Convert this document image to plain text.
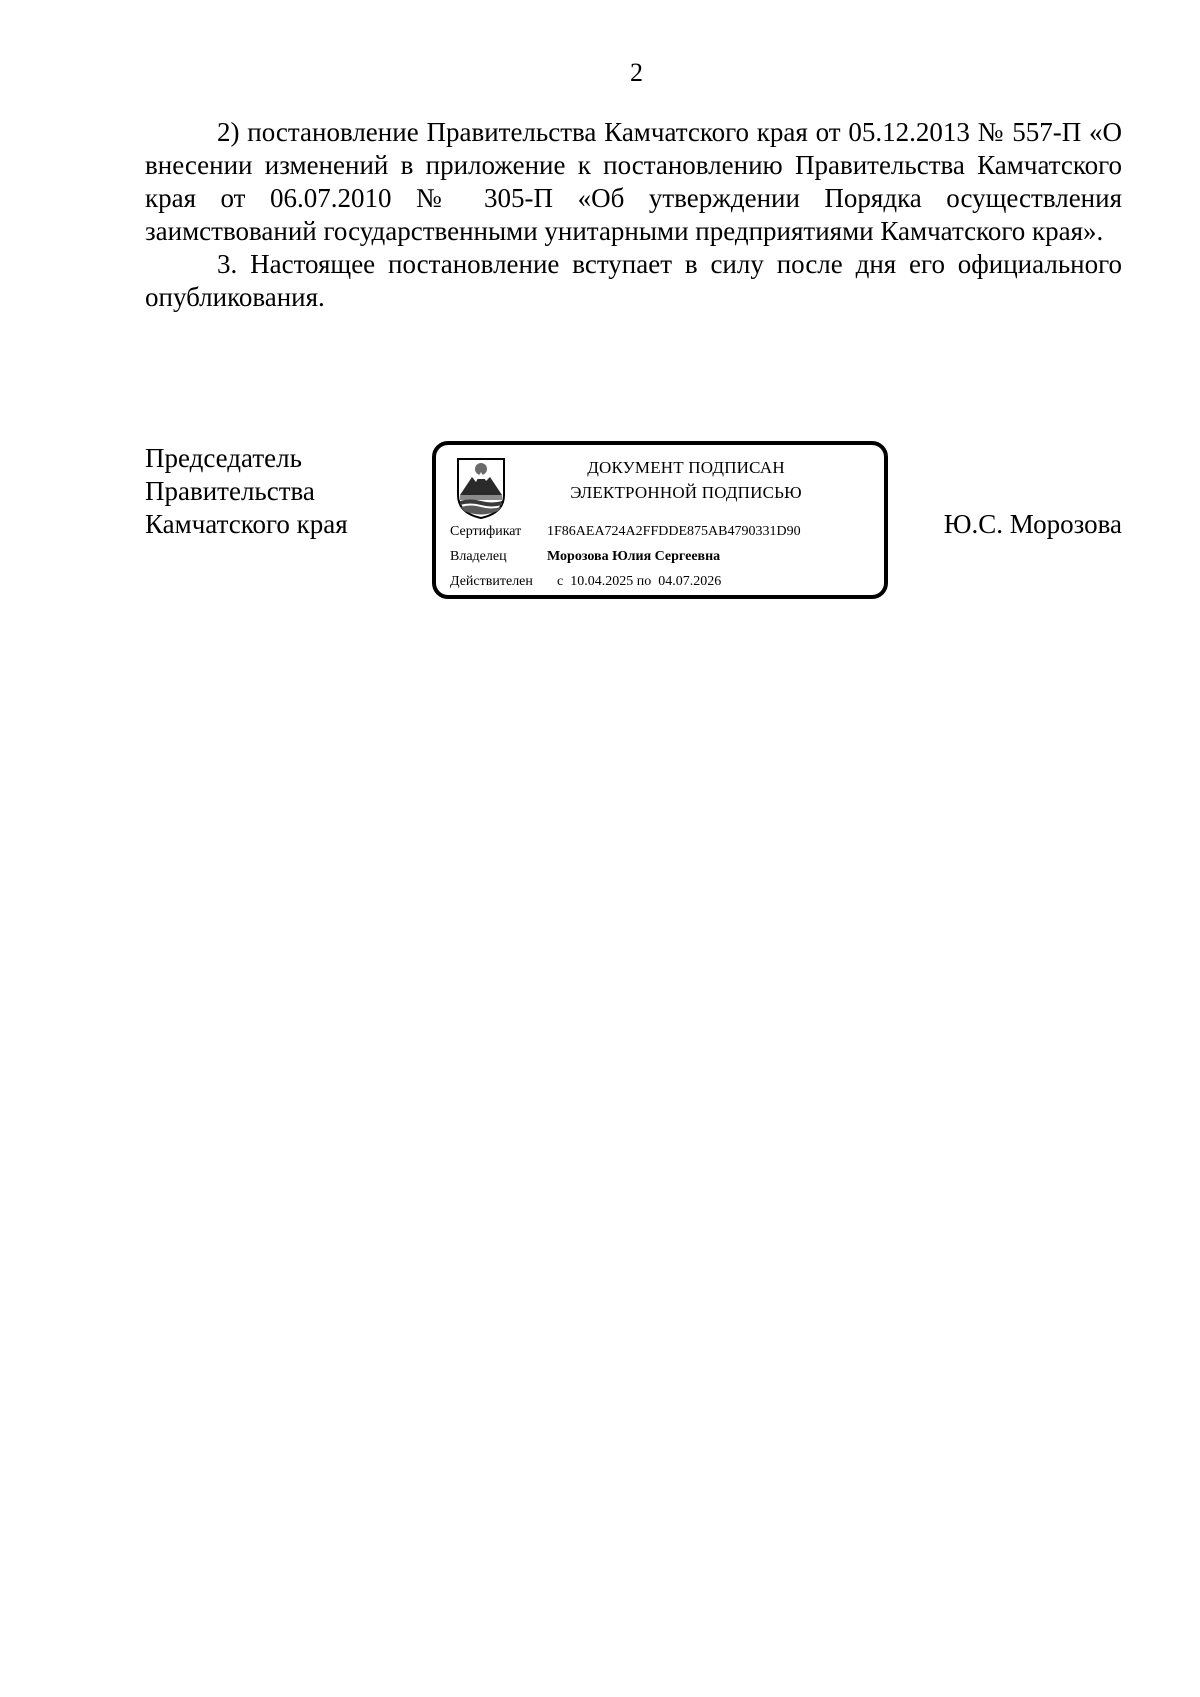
2

2) постановление Правительства Камчатского края от 05.12.2013 № 557-П «О внесении изменений в приложение к постановлению Правительства Камчатского края от 06.07.2010 № 305-П «Об утверждении Порядка осуществления заимствований государственными унитарными предприятиями Камчатского края».

3. Настоящее постановление вступает в силу после дня его официального опубликования.

Председатель
Правительства
Камчатского края
ДОКУМЕНТ ПОДПИСАН
ЭЛЕКТРОННОЙ ПОДПИСЬЮ
Сертификат 1F86AEA724A2FFDDE875AB4790331D90
Владелец	Морозова Юлия Сергеевна
Действителен с 10.04.2025 по 04.07.2026
Ю.С. Морозова
